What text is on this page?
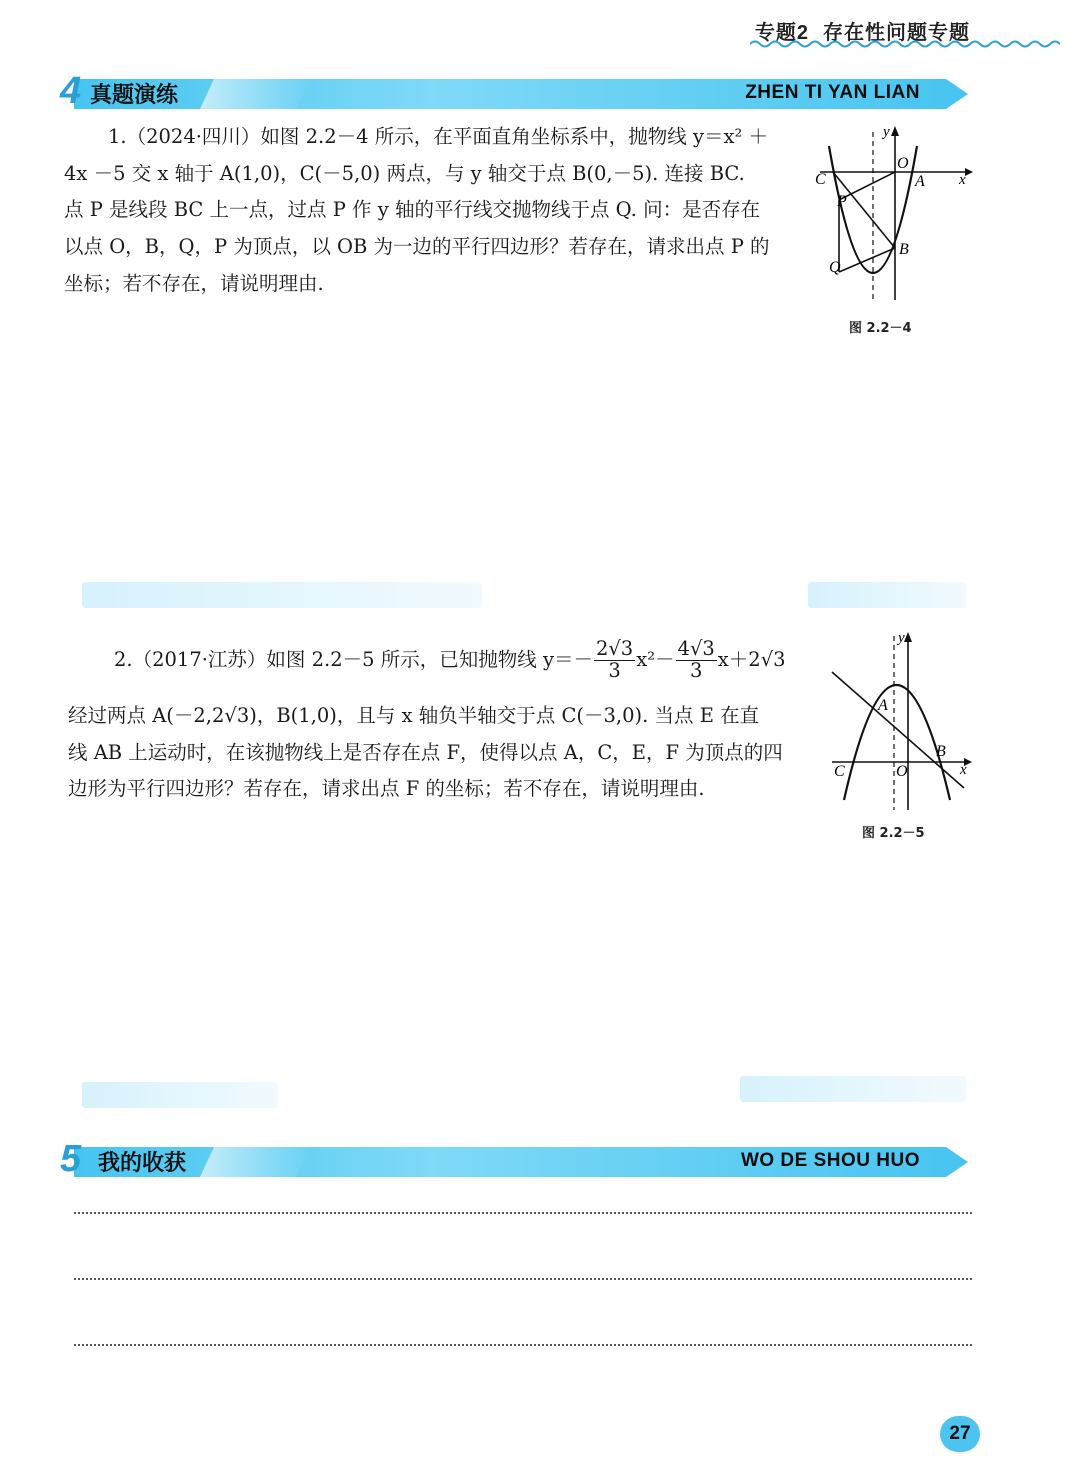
专题2 存在性问题专题
4 真题演练	ZHEN TI YAN LIAN
1.（2024·四川）如图 2.2－4 所示，在平面直角坐标系中，抛物线 y＝x² ＋
4x －5 交 x 轴于 A(1,0)，C(－5,0) 两点，与 y 轴交于点 B(0,－5). 连接 BC.
点 P 是线段 BC 上一点，过点 P 作 y 轴的平行线交抛物线于点 Q. 问：是否存在
以点 O，B，Q，P 为顶点，以 OB 为一边的平行四边形？若存在，请求出点 P 的
坐标；若不存在，请说明理由.
y
x
O
A
C
P
B
Q
图 2.2－4
2.（2017·江苏）如图 2.2－5 所示，已知抛物线 $y=- \frac{2√3}{3} x^2- \frac{4√3}{3} x+2√3$
经过两点 A(－2,2√3)，B(1,0)，且与 x 轴负半轴交于点 C(－3,0). 当点 E 在直
线 AB 上运动时，在该抛物线上是否存在点 F，使得以点 A，C，E，F 为顶点的四
边形为平行四边形？若存在，请求出点 F 的坐标；若不存在，请说明理由.
y
x
O
A
B
C
图 2.2－5
5 我的收获	WO DE SHOU HUO
27
